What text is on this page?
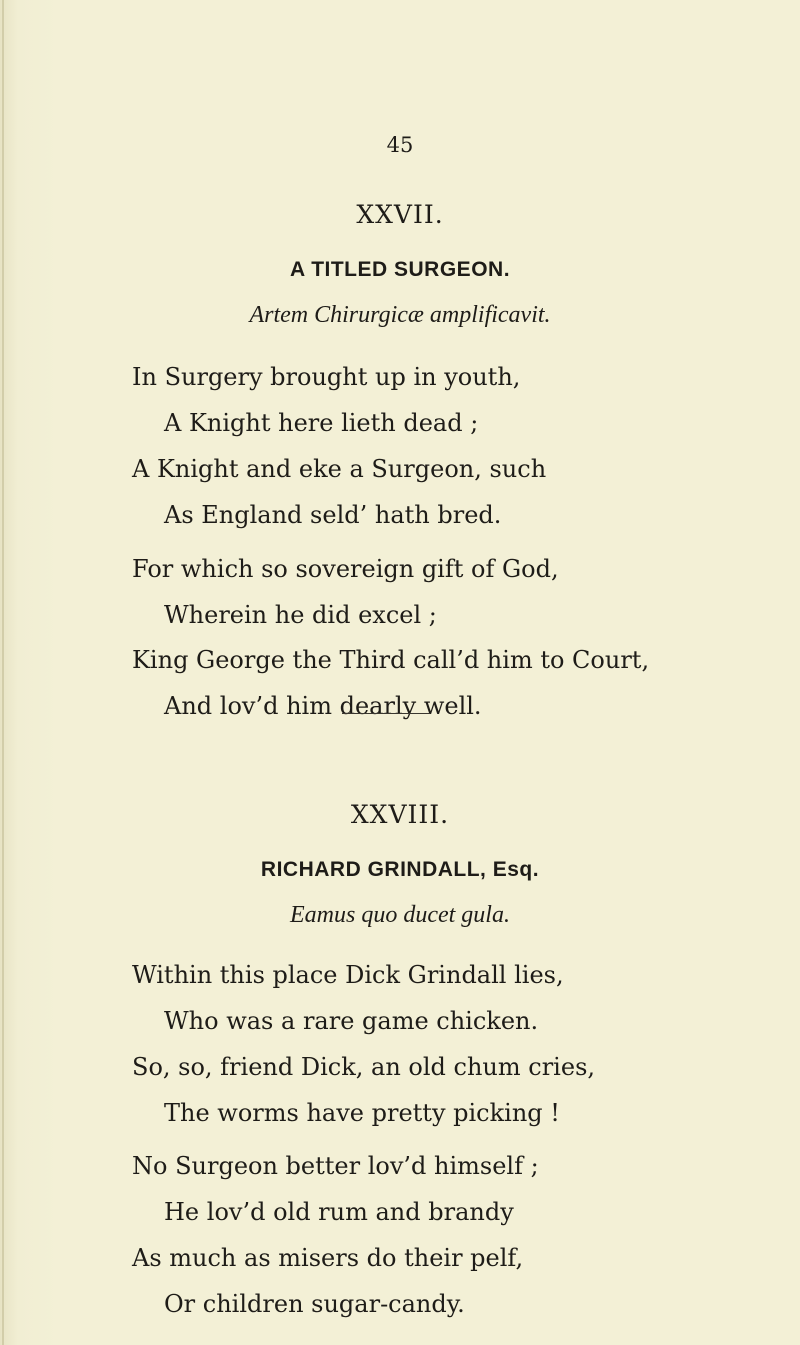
45
XXVII.
A TITLED SURGEON.
Artem Chirurgicæ amplificavit.
In Surgery brought up in youth,
A Knight here lieth dead ;
A Knight and eke a Surgeon, such
As England seld’ hath bred.
For which so sovereign gift of God,
Wherein he did excel ;
King George the Third call’d him to Court,
And lov’d him dearly well.
XXVIII.
RICHARD GRINDALL, Esq.
Eamus quo ducet gula.
Within this place Dick Grindall lies,
Who was a rare game chicken.
So, so, friend Dick, an old chum cries,
The worms have pretty picking !
No Surgeon better lov’d himself ;
He lov’d old rum and brandy
As much as misers do their pelf,
Or children sugar-candy.
